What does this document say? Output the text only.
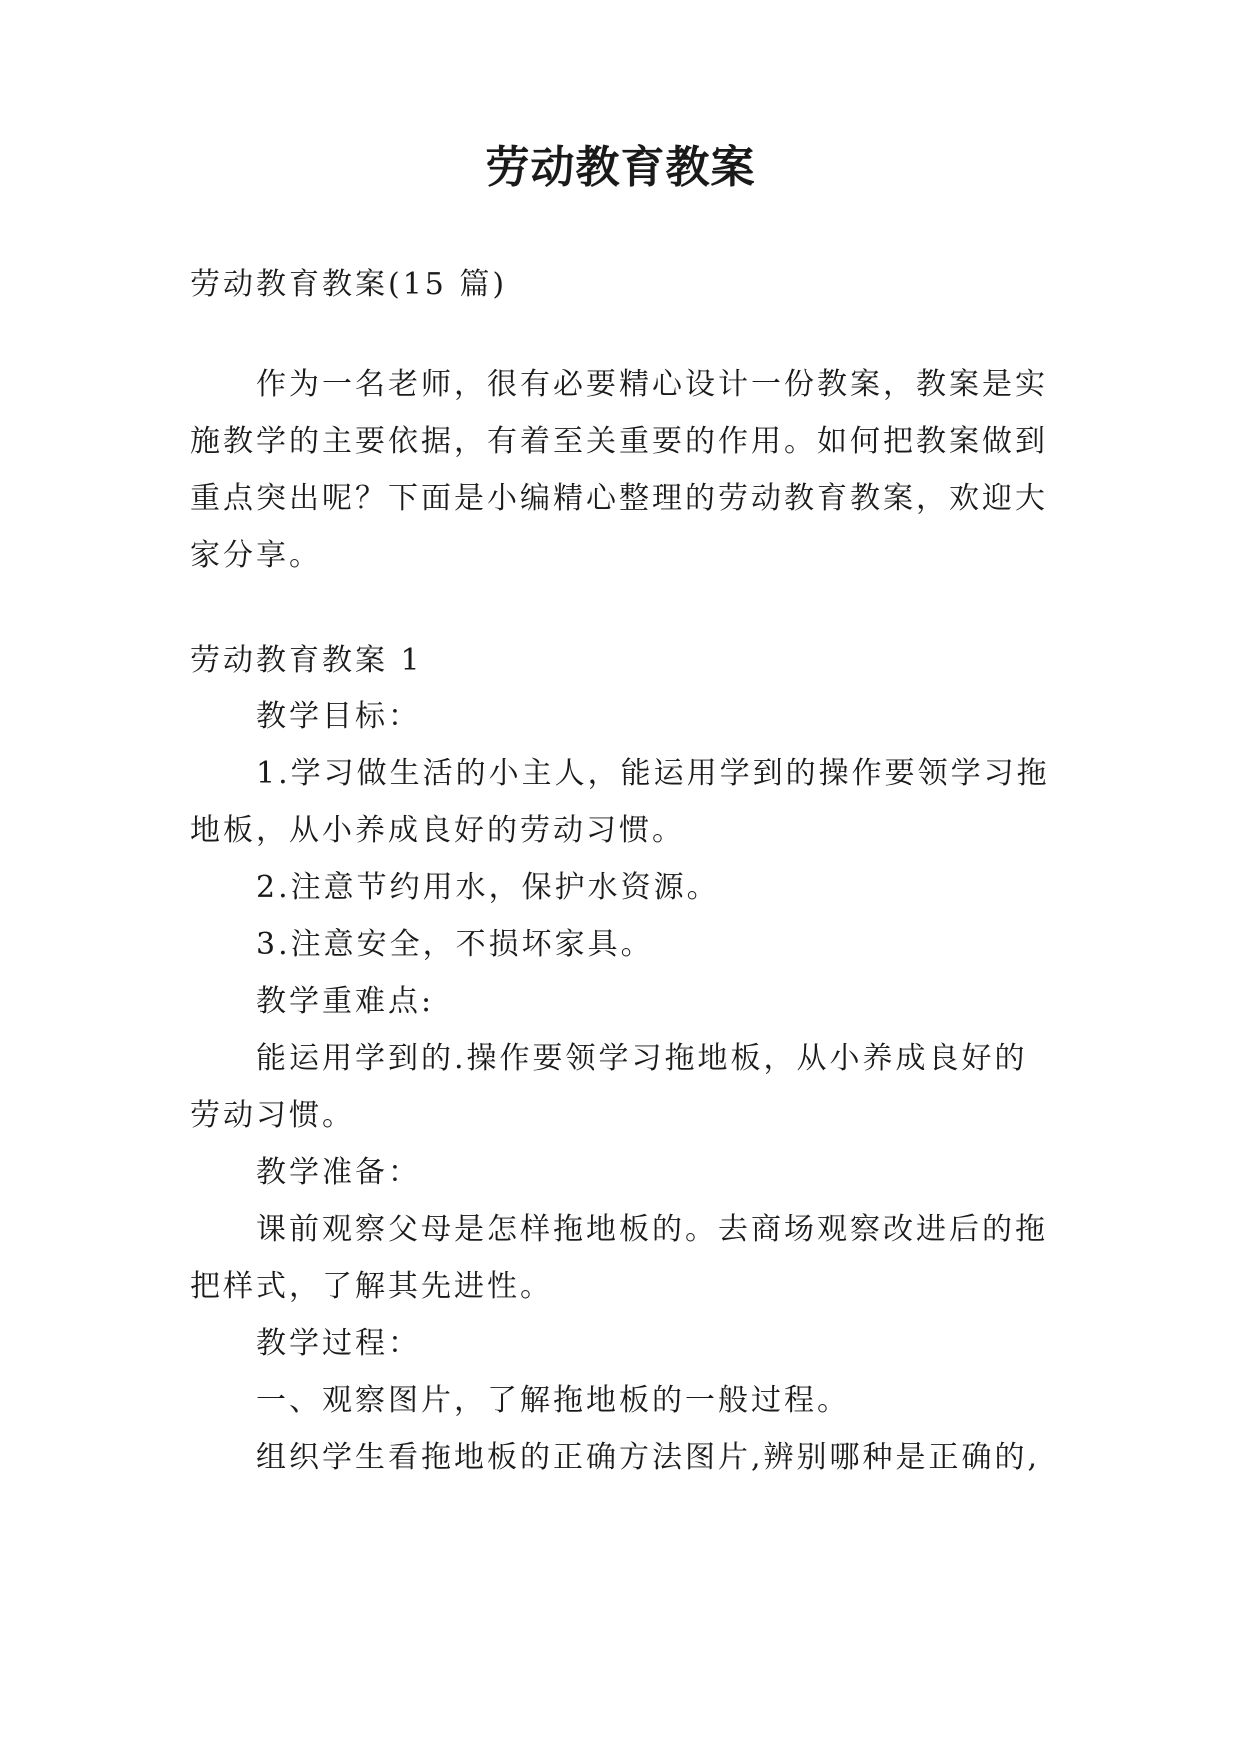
劳动教育教案

劳动教育教案(15 篇)

作为一名老师，很有必要精心设计一份教案，教案是实

施教学的主要依据，有着至关重要的作用。如何把教案做到

重点突出呢？下面是小编精心整理的劳动教育教案，欢迎大

家分享。

劳动教育教案 1

教学目标：

1.学习做生活的小主人，能运用学到的操作要领学习拖

地板，从小养成良好的劳动习惯。

2.注意节约用水，保护水资源。

3.注意安全，不损坏家具。

教学重难点:

能运用学到的.操作要领学习拖地板，从小养成良好的

劳动习惯。

教学准备：

课前观察父母是怎样拖地板的。去商场观察改进后的拖

把样式，了解其先进性。

教学过程：

一、观察图片，了解拖地板的一般过程。

组织学生看拖地板的正确方法图片,辨别哪种是正确的,
